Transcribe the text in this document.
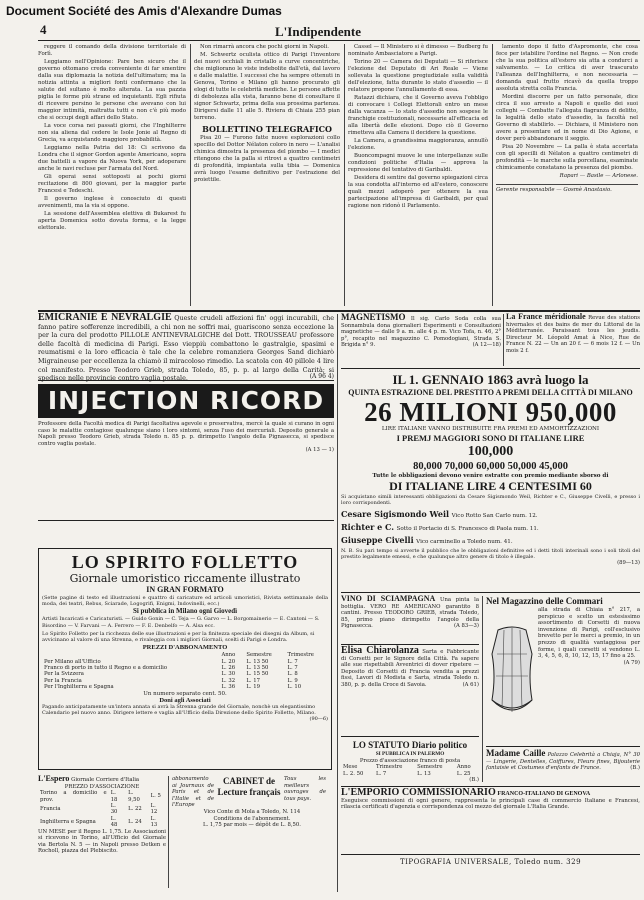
Document Société des Amis d'Alexandre Dumas
4	L'Indipendente

reggere il comando della divisione territoriale di Forlì.

Leggiamo nell'Opinione: Pare ben sicuro che il governo ottomano creda conveniente di far smentire dalla sua diplomazia la notizia dell'ultimatum; ma la notizia attinta a migliori fonti confermano che la salute del sultano è molto alterata. La sua pazzia piglia le forme più strane ed inquietanti. Egli rifiuta di ricevere persino le persone che avevano con lui maggior intimità, maltratta tutti e non c'è più modo che si occupi degli affari dello Stato.

La voce corsa nei passati giorni, che l'Inghilterre non sia aliena dal cedere le Isole Jonie al Regno di Grecia, va acquistando maggiore probabilità.

Leggiamo nella Patria del 18: Ci scrivono da Londra che il signor Gordon agente Americano, sopra due battelli a vapore da Nuova York, per adoperare anche le navi recluse per l'armata del Nord.

Gli operai sensi sottoposti ai pochi giorni recitazione di 800 giovani, per la maggior parte Francesi e Tedeschi.

Il governo inglese è conosciuto di questi avvenimenti, ma la via si oppone.

La sessione dell'Assemblea elettiva di Bukarest fu aperta Domenica sotto dovuta forma, e la legge elettorale.

Non rimarrà ancora che pochi giorni in Napoli.

M. Schwertz oculista ottico di Parigi l'inventore dei nuovi occhiali in cristallo a curve concentriche, che migliorano le viste indebolite dall'età, dal lavoro e dalle malattie. I successi che ha sempre ottenuti in Genova, Torino e Milano gli hanno procurato gli elogi di tutte le celebrità mediche. Le persone affette di debolezza alla vista, faranno bene di consultare il signor Schwartz, prima della sua prossima partenza. Dirigersi dalle 11 alle 5. Riviera di Chiaia 255 pian terreno.

BOLLETTINO TELEGRAFICO

Pisa 20 — Furono fatte nuove esplorazioni collo specillo del Dottor Nélaton coloro in nero — L'analisi chimica dimostra la presenza del piombo — I medici ritengono che la palla si ritrovi a quattro centimetri di profondità, impiantata sulla tibia — Domenica avrà luogo l'esame definitivo per l'estrazione del proiettile.

Cassel — Il Ministero si è dimesso — Budberg fu nominato Ambasciatore a Parigi.

Torino 20 — Camera dei Deputati — Si riferisce l'elezione del Deputato di Ari Reale — Viene sollevata la questione pregiudiziale sulla validità dell'elezione, fatta durante lo stato d'assedio — il relatore propone l'annullamento di essa.

Ratazzi dichiara, che il Governo aveva l'obbligo di convocare i Collegi Elettorali entro un mese dalla vacanza — lo stato d'assedio non sospese le franchigie costituzionali, necessarie all'efficacia ed alla libertà delle elezioni. Dopo ciò il Governo rimetteva alla Camera il decidere la questione.

La Camera, a grandissima maggioranza, annullò l'elezione.

Buoncompagni muove le une interpellanze sulle condizioni politiche d'Italia — approva la repressione del tentativo di Garibaldi.

Desidera di sentire dal governo spiegazioni circa la sua condotta all'interno ed all'estero, conoscere quali mezzi adoperò per ottenere la sua partecipazione all'impresa di Garibaldi, per qual ragione non ridonò il Parlamento.

lamento dopo il fatto d'Aspromonte, che cosa fece per istabilire l'ordine nel Regno. — Non crede che la sua politica all'estero sia atta a condurci a salvamento. — Lo critica di aver trascurato l'alleanza dell'Inghilterra, e non necessaria — domanda qual frutto ricavò da quella troppo assoluta stretta colla Francia.

Mordini discorre per un fatto personale, dice circa il suo arresto a Napoli e quello dei suoi colleghi — Combatte l'allegata flagranza di delitto, la legalità dello stato d'assedio, la facoltà nel Governo di stabilirlo. — Dichiara, il Ministero non avere a presentare ed in nome di Dio Agione, e dover però abbandonare il seggio.

Pisa 20 Novembre — La palla è stata accertata con gli specilli di Nélaton a quattro centimetri di profondità — le marche sulla porcellana, esaminate chimicamente constatano la presenza del piombo.

Rapari — Basile — Arlonese.

Gerente responsabile — Gosmè Anastasio.
EMICRANIE E NEVRALGIE Queste crudeli affezioni fin' oggi incurabili, che fanno patire sofferenze incredibili, a chi non ne soffri mai, guariscono senza eccezione la per la cura del prodotto PILLOLE ANTINEVRALGICHE del Dott. TROUSSEAU professore delle facoltà di medicina di Parigi. Esso vieppiù combattono le gastralgie, spasimi e reumatismi e la loro efficacia è tale che la celebre romanziera Georges Sand dichiarò Migraineuse per eccellenza la chiamò il miracoloso rimedio. La scatola con 40 pillole 4 lire col manifesto. Presso Teodoro Grieb, strada Toledo, 85, p. p. al largo della Carità; si spedisce nelle provincie contro vaglia postale.	(A 96 4)
INJECTION RICORD
Professore della Facoltà medica di Parigi facoltativa agevole e preservativa, mercè la quale si curano in ogni caso le malattie contagiose qualunque siano i loro sintomi, senza l'uso dei mercuriali. Deposito generale a Napoli presso Teodoro Grieb, strada Toledo n. 85 p. p. dirimpetto l'angolo della Pignasecca, si spedisce contro vaglia postale.
(A 13 — 1)
LO SPIRITO FOLLETTO
Giornale umoristico riccamente illustrato
IN GRAN FORMATO
(Sette pagine di testo ed illustrazioni e quattro di caricature ed articoli umoristici, Rivista settimanale della moda, dei teatri, Rebus, Sciarade, Logogrifi, Enigmi, Indovinelli, ecc.)
Si pubblica in Milano ogni Giovedì
Artisti Incaricati e Caricaturisti. — Guido Gonin — C. Teja — G. Garvo — L. Borgomainerio — E. Cantoni — S. Bisordino — V. Farvani — A. Ferrero — F. E. Denbelfo — A. Alsa ecc.
Lo Spirito Folletto per la ricchezza delle sue illustrazioni e per la finitezza speciale dei disegni da Album, si avvicinano al valore di una Strenna, e rivaleggia con i migliori Giornali, scelti di Parigi e Londra.
PREZZI D'ABBONAMENTO
	Anno	Semestre	Trimestre
Per Milano all'Ufficio	L. 20	L. 13 50	L. 7
Franco di porto in tutto il Regno e a domicilio	L. 26	L. 13 50	L. 7
Per la Svizzera	L. 30	L. 15 50	L. 8
Per la Francia	L. 32	L. 17	L. 9
Per l'Inghilterra e Spagna	L. 36	L. 19	L. 10
Un numero separato cent. 50.
Doni agli Associati
Pagando anticipatamente un'intera annata si avrà la Strenna grande del Giornale, nonchè un elegantissimo Calendario pel nuovo anno. Dirigere lettere e vaglia all'Ufficio della Direzione dello Spirito Folletto, Milano.
(90—6)
L'Espero Giornale Corriere d'Italia
PREZZO D'ASSOCIAZIONE
Torino a domicilio e prov.	L. 18	L. 9,50	L. 5
Francia	L. 30	L. 22	L. 12
Inghilterra e Spagna	L. 48	L. 24	L. 13
UN MESE per il Regno L. 1,75. Le Associazioni si ricevono in Torino, all'Ufficio del Giornale via Bertola N. 5 — in Napoli presso Detken e Rocholl, piazza del Plebiscito.
abbonamento ai Journaux de Paris et de l'Italie et de l'Europe
CABINET de Lecture français
Tous les meilleurs ouvrages de tous pays.
Vico Conte di Mola a Toledo, N. 114
Conditions de l'abonnement.
L. 1,75 par mois — dépôt de L. 8,50.
MAGNETISMO Il sig. Carlo Soda colla sua Sonnambula dona giornalieri Esperimenti e Consultazioni magnetiche — dalle 9 a. m. alle 4 p. m. Vico Tofa, n. 46, 2° p°, recapito nel magazzino C. Pomodogiani, Strada S. Brigida n° 9.	(A 12—18)
La France méridionale Revue des stations hivernales et des bains de mer du Littoral de la Méditerranée. Paraissant tous les jeudis. Directeur M. Léopold Amat à Nice, Rue de France N. 22 — Un an 20 f. — 6 mois 12 f. — Un mois 2 f.
IL 1. GENNAIO 1863 avrà luogo la
QUINTA ESTRAZIONE DEL PRESTITO A PREMI DELLA CITTÀ DI MILANO
26 MILIONI 950,000
LIRE ITALIANE VANNO DISTRIBUITE FRA PREMI ED AMMORTIZZAZIONI
I PREMJ MAGGIORI SONO DI ITALIANE LIRE
100,000
80,000 70,000 60,000 50,000 45,000
Tutte le obbligazioni devono venire estratte con premio mediante sborso di
DI ITALIANE LIRE 4 CENTESIMI 60
Si acquistano simili interessanti obbligazioni da Cesare Sigismondo Weil, Richter e C., Giuseppe Civelli, e presso i loro corrispondenti.
Cesare Sigismondo Weil Vico Rotto San Carlo num. 12.
Richter e C. Sotto il Portacio di S. Francesco di Paola num. 11.
Giuseppe Civelli Vico carminello a Toledo num. 41.
N. B. Su pari tempo si avverte il pubblico che le obbligazioni definitive ed i detti titoli interinali sono i soli titoli del prestito legalmente emessi, e che qualunque altro genere di titolo è illegale.
(89—13)
VINO DI SCIAMPAGNA Una pinta la bottiglia. VERO RE AMERICANO garantito 8 cantini. Presso TEODORO GRIEB, strada Toledo, 85, primo piano dirimpetto l'angolo della Pignasecca.	(A 83—3)
Elisa Chiarolanza Sarta e Fabbricante di Corsetti per le Signore della Città. Fa sapere alle sue rispettabili Avventrici di dover ripetere — Deposito di Corsetti di Francia vendita a prezzi fissi, Lavori di Modista e Sarta, strada Toledo n. 380, p. p. della Croce di Savoia.	(A 61)
LO STATUTO Diario politico
SI PUBBLICA IN PALERMO
Prezzo d'associazione franco di posta
Mese	Trimestre	Semestre	Anno
L. 2. 50	L. 7	L. 13	L. 25
(B.)
Nel Magazzino delle Commari
alla strada di Chiaia n° 217, a perspicuo e scelto un estesissimo assortimento di Corsetti di nuova invenzione di Parigi, coll'esclusivo brevetto per le merci a premio, in un prezzo di qualità vantaggiosa per forme, i quali corsetti si vendono L. 3, 4, 5, 6, 8, 10, 12, 15, 17 fino a 25.
(A 79)
Madame Caille Palazzo Celebrità a Chiaja, N° 30 — Lingerie, Dentelles, Coiffures, Fleurs fines, Bijouterie fantaisie et Costumes d'enfants de France.	(B.)
L'EMPORIO COMMISSIONARIO FRANCO-ITALIANO DI GENOVA
Eseguisce commissioni di ogni genere, rappresenta le principali case di commercio Italiane e Francesi, rilascia certificati d'agenzia e corrispondenza col mezzo del giornale L'Italia Grande.
TIPOGRAFIA UNIVERSALE, Toledo num. 329
